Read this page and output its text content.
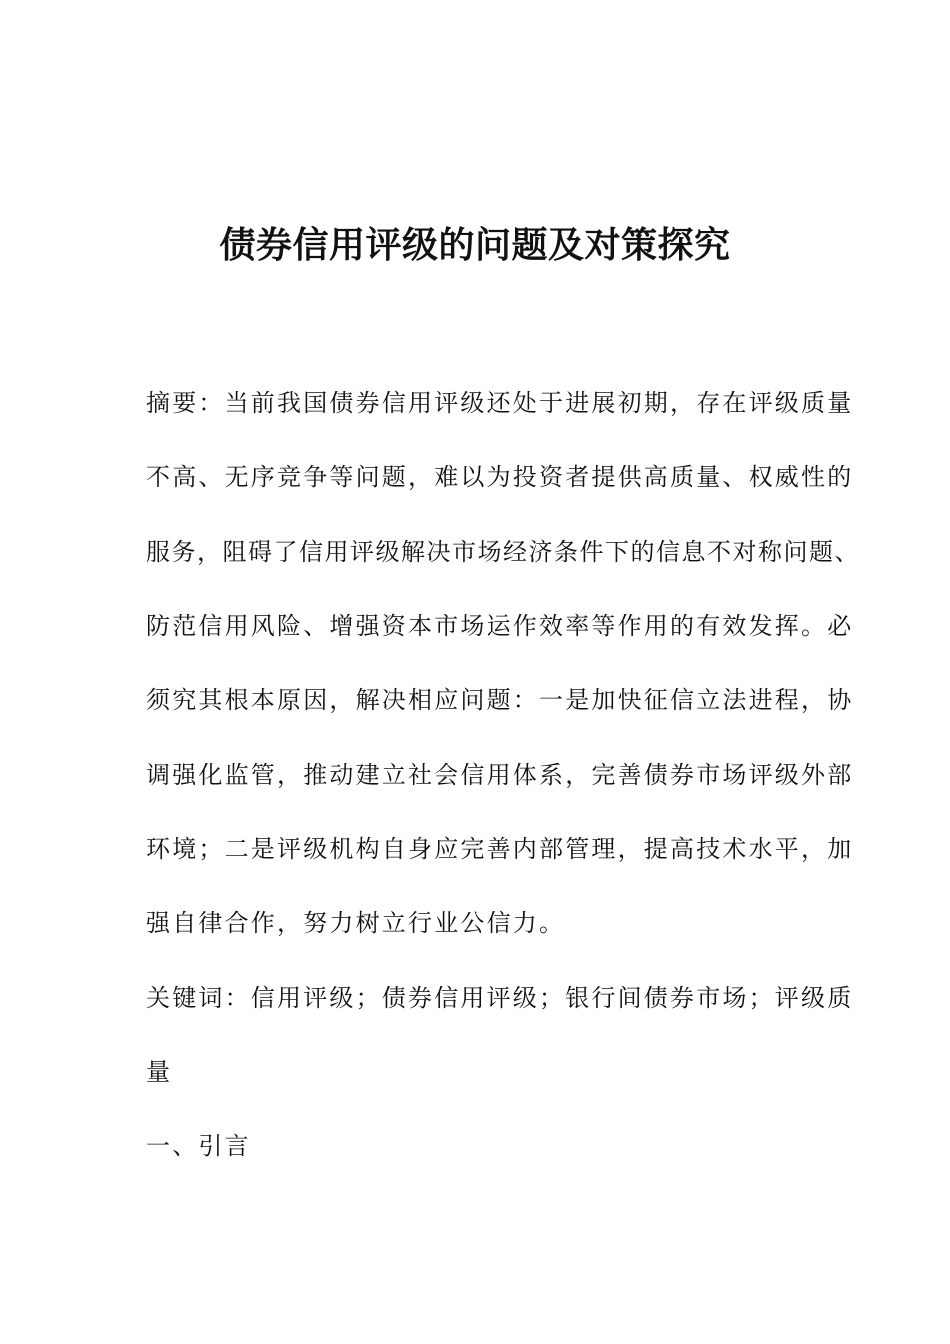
债券信用评级的问题及对策探究

摘要：当前我国债券信用评级还处于进展初期，存在评级质量

不高、无序竞争等问题，难以为投资者提供高质量、权威性的

服务，阻碍了信用评级解决市场经济条件下的信息不对称问题、

防范信用风险、增强资本市场运作效率等作用的有效发挥。必

须究其根本原因，解决相应问题：一是加快征信立法进程，协

调强化监管，推动建立社会信用体系，完善债券市场评级外部

环境；二是评级机构自身应完善内部管理，提高技术水平，加

强自律合作，努力树立行业公信力。

关键词：信用评级；债券信用评级；银行间债券市场；评级质

量

一、引言
